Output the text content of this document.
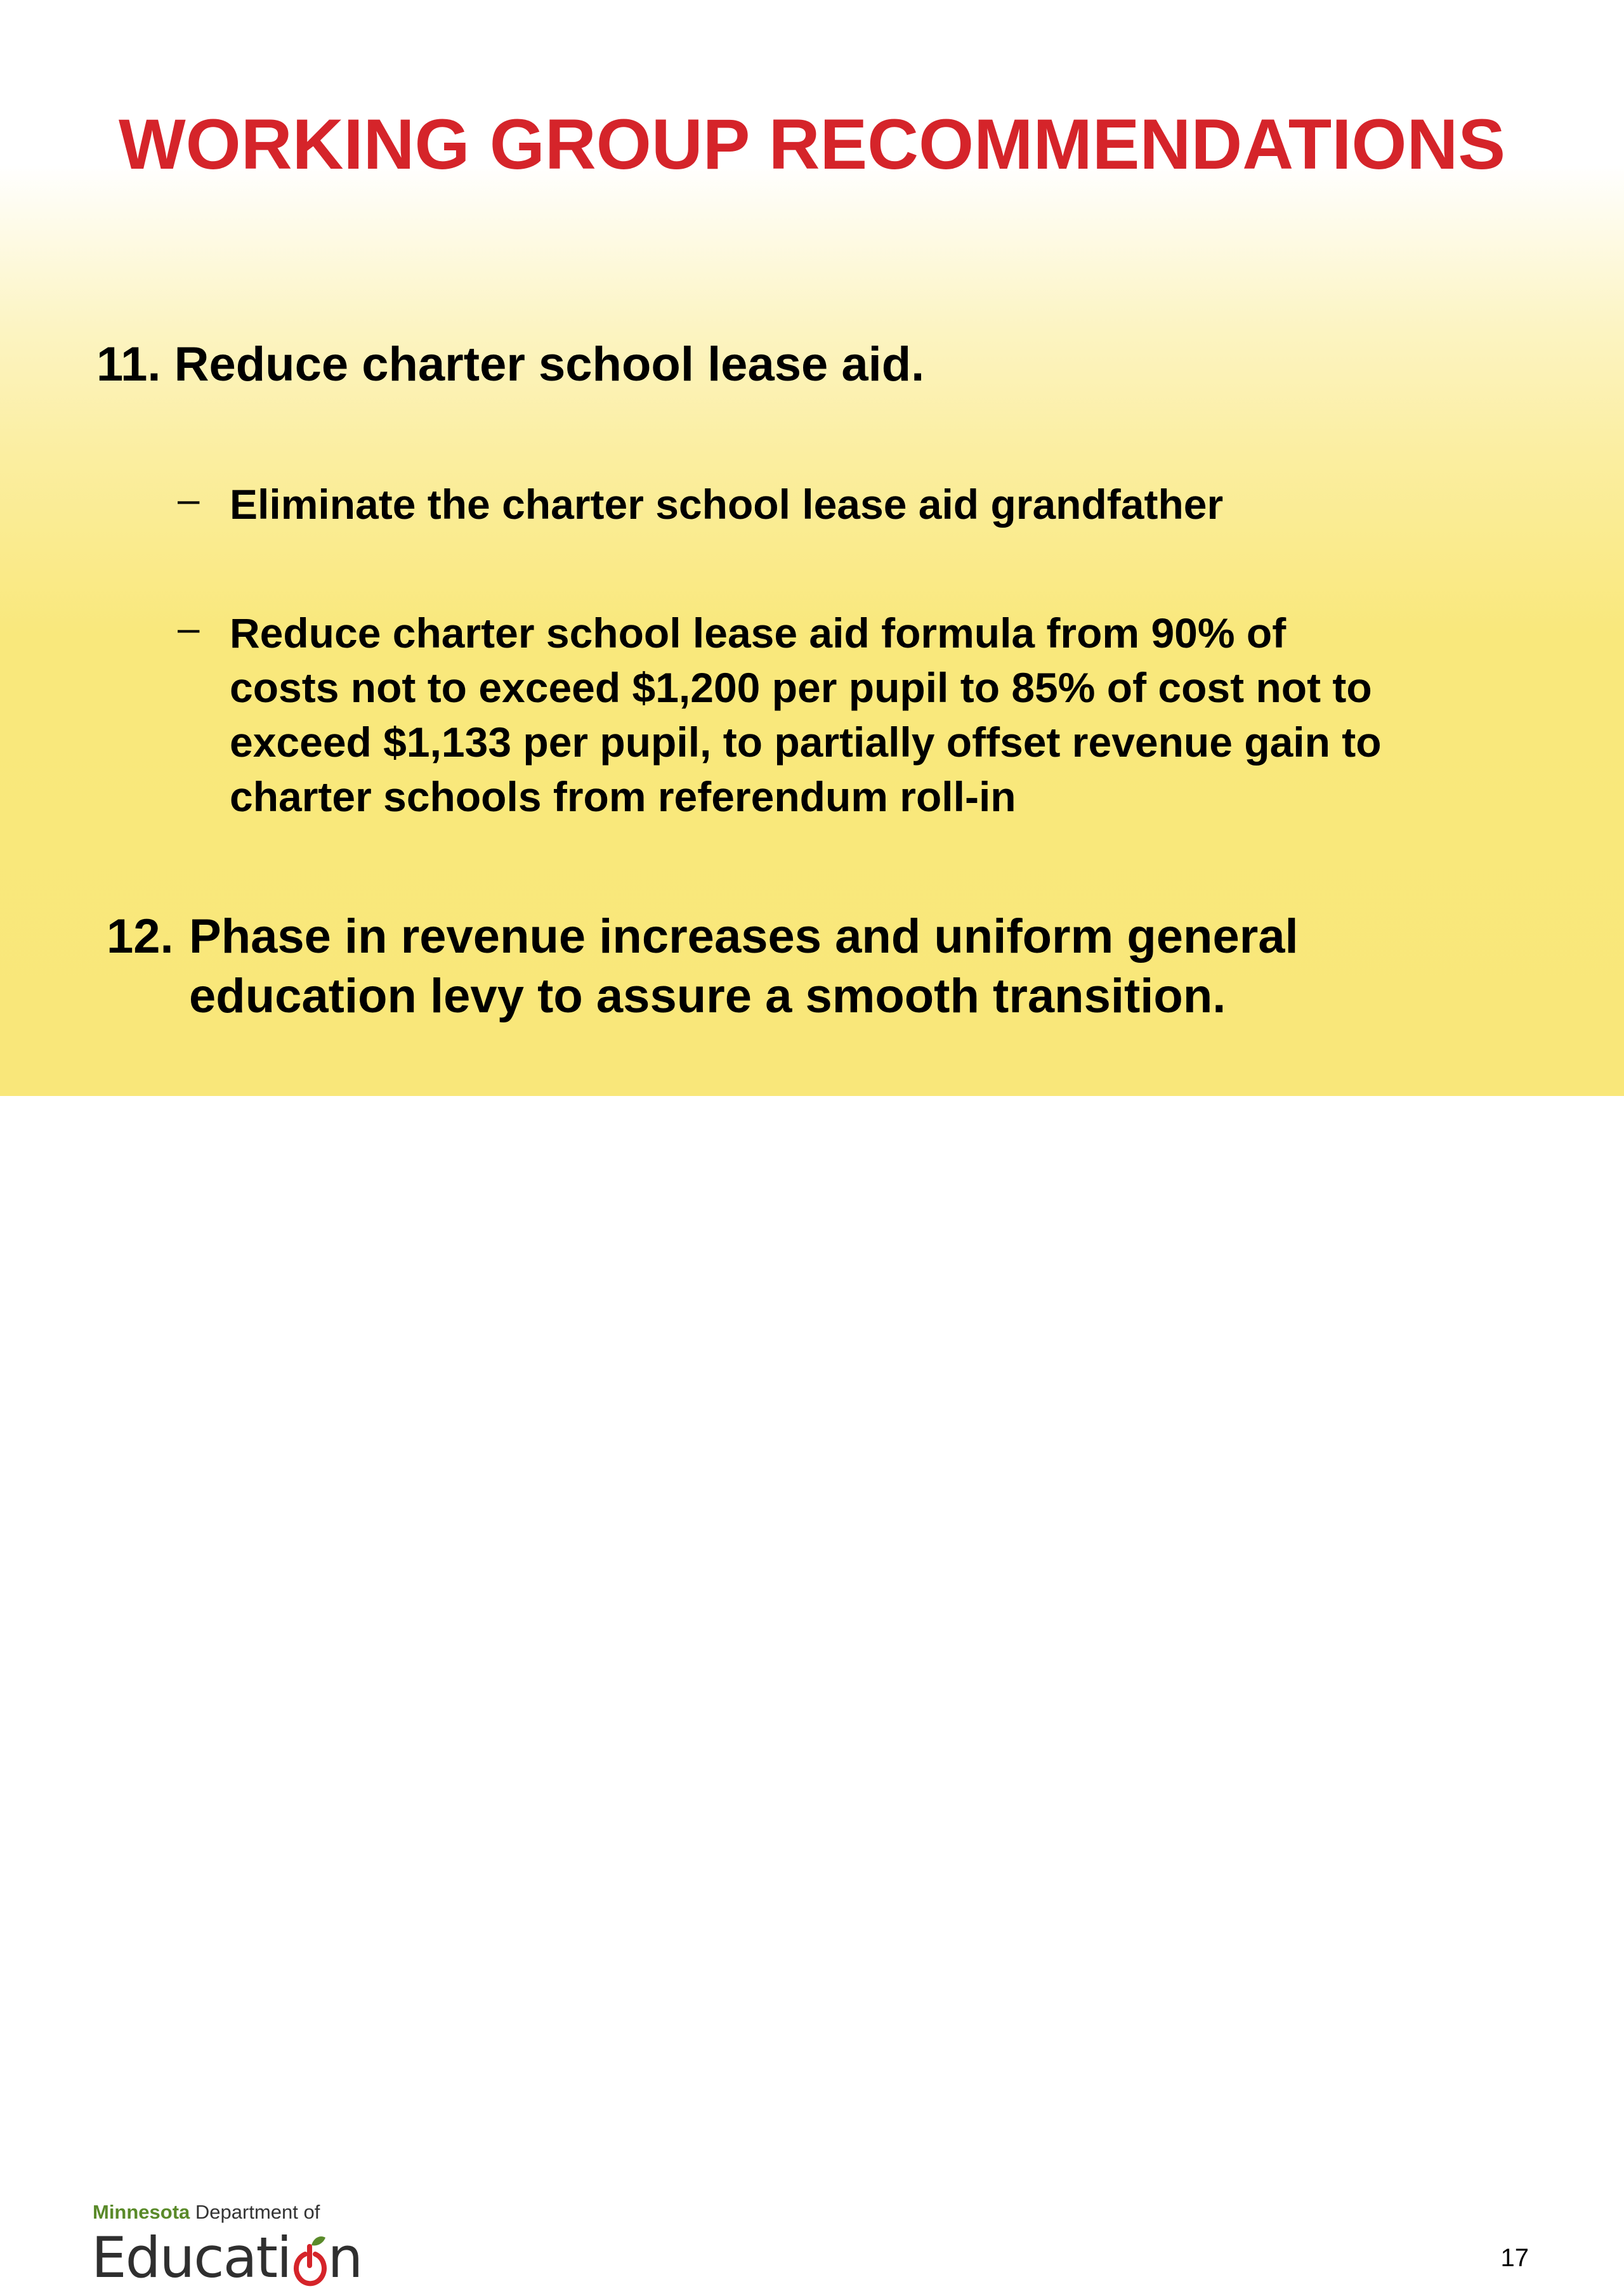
WORKING GROUP RECOMMENDATIONS
11. Reduce charter school lease aid.
– Eliminate the charter school lease aid grandfather
– Reduce charter school lease aid formula from 90% of
costs not to exceed $1,200 per pupil to 85% of cost not to
exceed $1,133 per pupil, to partially offset revenue gain to
charter schools from referendum roll-in
12. Phase in revenue increases and uniform general
education levy to assure a smooth transition.
Minnesota Department of
Educati n	17
